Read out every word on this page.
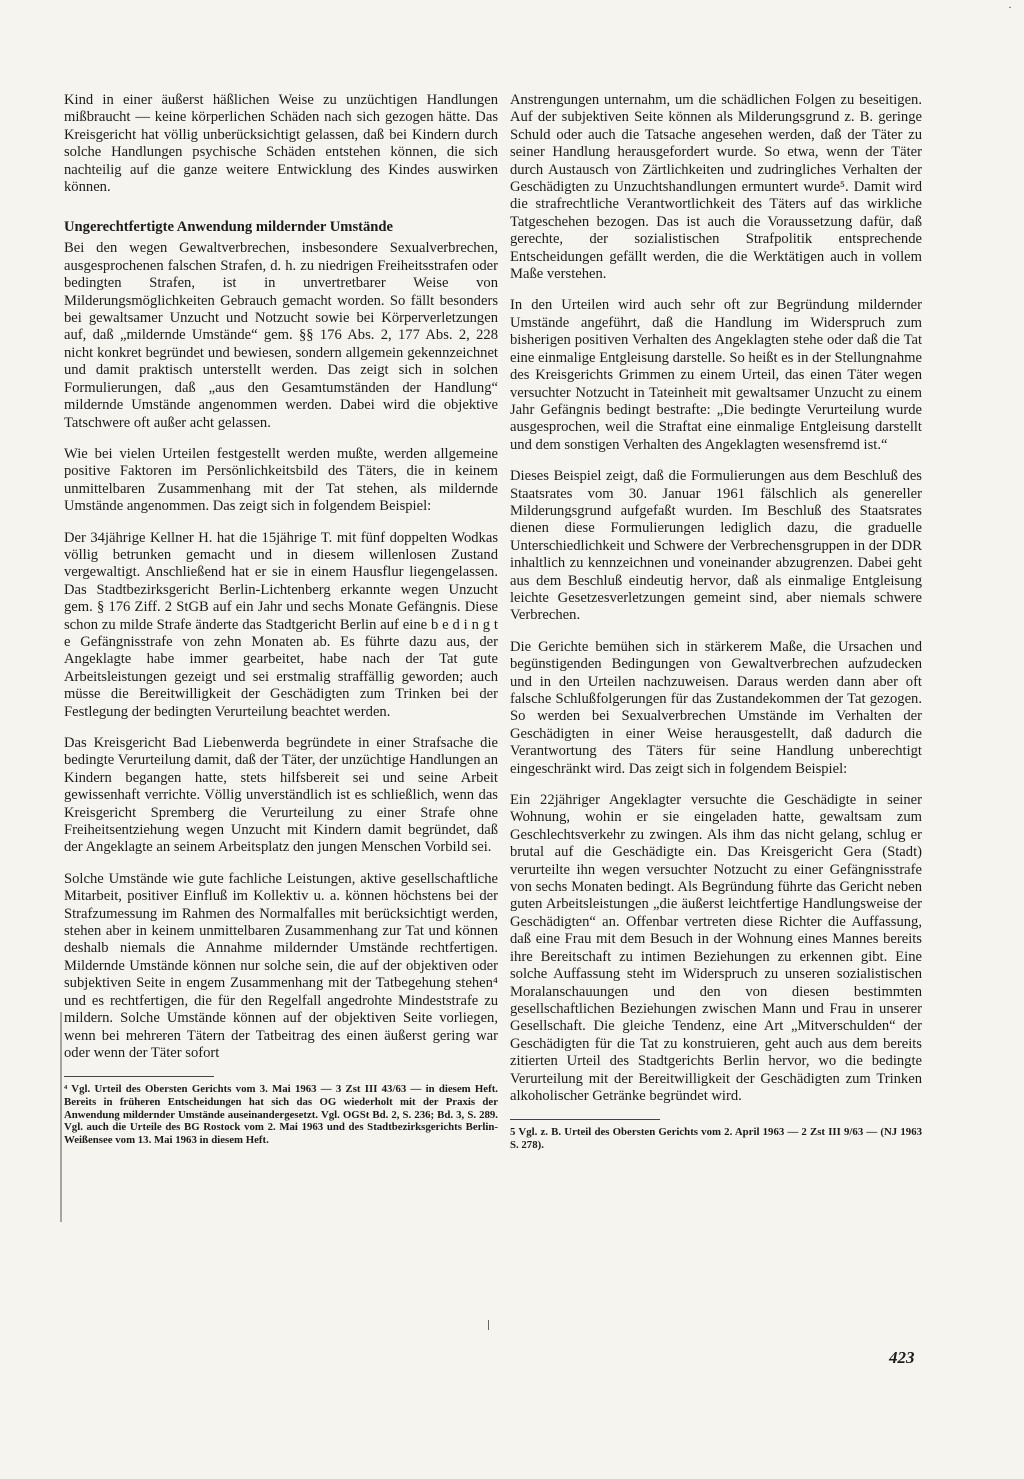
·

Kind in einer äußerst häßlichen Weise zu unzüchtigen Handlungen mißbraucht — keine körperlichen Schäden nach sich gezogen hätte. Das Kreisgericht hat völlig unberücksichtigt gelassen, daß bei Kindern durch solche Handlungen psychische Schäden entstehen können, die sich nachteilig auf die ganze weitere Entwicklung des Kindes auswirken können.

Ungerechtfertigte Anwendung mildernder Umstände

Bei den wegen Gewaltverbrechen, insbesondere Sexualverbrechen, ausgesprochenen falschen Strafen, d. h. zu niedrigen Freiheitsstrafen oder bedingten Strafen, ist in unvertretbarer Weise von Milderungsmöglichkeiten Gebrauch gemacht worden. So fällt besonders bei gewaltsamer Unzucht und Notzucht sowie bei Körperverletzungen auf, daß „mildernde Umstände“ gem. §§ 176 Abs. 2, 177 Abs. 2, 228 nicht konkret begründet und bewiesen, sondern allgemein gekennzeichnet und damit praktisch unterstellt werden. Das zeigt sich in solchen Formulierungen, daß „aus den Gesamtumständen der Handlung“ mildernde Umstände angenommen werden. Dabei wird die objektive Tatschwere oft außer acht gelassen.

Wie bei vielen Urteilen festgestellt werden mußte, werden allgemeine positive Faktoren im Persönlichkeitsbild des Täters, die in keinem unmittelbaren Zusammenhang mit der Tat stehen, als mildernde Umstände angenommen. Das zeigt sich in folgendem Beispiel:

Der 34jährige Kellner H. hat die 15jährige T. mit fünf doppelten Wodkas völlig betrunken gemacht und in diesem willenlosen Zustand vergewaltigt. Anschließend hat er sie in einem Hausflur liegengelassen. Das Stadtbezirksgericht Berlin-Lichtenberg erkannte wegen Unzucht gem. § 176 Ziff. 2 StGB auf ein Jahr und sechs Monate Gefängnis. Diese schon zu milde Strafe änderte das Stadtgericht Berlin auf eine b e d i n g t e Gefängnisstrafe von zehn Monaten ab. Es führte dazu aus, der Angeklagte habe immer gearbeitet, habe nach der Tat gute Arbeitsleistungen gezeigt und sei erstmalig straffällig geworden; auch müsse die Bereitwilligkeit der Geschädigten zum Trinken bei der Festlegung der bedingten Verurteilung beachtet werden.

Das Kreisgericht Bad Liebenwerda begründete in einer Strafsache die bedingte Verurteilung damit, daß der Täter, der unzüchtige Handlungen an Kindern begangen hatte, stets hilfsbereit sei und seine Arbeit gewissenhaft verrichte. Völlig unverständlich ist es schließlich, wenn das Kreisgericht Spremberg die Verurteilung zu einer Strafe ohne Freiheitsentziehung wegen Unzucht mit Kindern damit begründet, daß der Angeklagte an seinem Arbeitsplatz den jungen Menschen Vorbild sei.

Solche Umstände wie gute fachliche Leistungen, aktive gesellschaftliche Mitarbeit, positiver Einfluß im Kollektiv u. a. können höchstens bei der Strafzumessung im Rahmen des Normalfalles mit berücksichtigt werden, stehen aber in keinem unmittelbaren Zusammenhang zur Tat und können deshalb niemals die Annahme mildernder Umstände rechtfertigen. Mildernde Umstände können nur solche sein, die auf der objektiven oder subjektiven Seite in engem Zusammenhang mit der Tatbegehung stehen⁴ und es rechtfertigen, die für den Regelfall angedrohte Mindeststrafe zu mildern. Solche Umstände können auf der objektiven Seite vorliegen, wenn bei mehreren Tätern der Tatbeitrag des einen äußerst gering war oder wenn der Täter sofort

⁴ Vgl. Urteil des Obersten Gerichts vom 3. Mai 1963 — 3 Zst III 43/63 — in diesem Heft. Bereits in früheren Entscheidungen hat sich das OG wiederholt mit der Praxis der Anwendung mildernder Umstände auseinandergesetzt. Vgl. OGSt Bd. 2, S. 236; Bd. 3, S. 289. Vgl. auch die Urteile des BG Rostock vom 2. Mai 1963 und des Stadtbezirksgerichts Berlin-Weißensee vom 13. Mai 1963 in diesem Heft.

Anstrengungen unternahm, um die schädlichen Folgen zu beseitigen. Auf der subjektiven Seite können als Milderungsgrund z. B. geringe Schuld oder auch die Tatsache angesehen werden, daß der Täter zu seiner Handlung herausgefordert wurde. So etwa, wenn der Täter durch Austausch von Zärtlichkeiten und zudringliches Verhalten der Geschädigten zu Unzuchtshandlungen ermuntert wurde⁵. Damit wird die strafrechtliche Verantwortlichkeit des Täters auf das wirkliche Tatgeschehen bezogen. Das ist auch die Voraussetzung dafür, daß gerechte, der sozialistischen Strafpolitik entsprechende Entscheidungen gefällt werden, die die Werktätigen auch in vollem Maße verstehen.

In den Urteilen wird auch sehr oft zur Begründung mildernder Umstände angeführt, daß die Handlung im Widerspruch zum bisherigen positiven Verhalten des Angeklagten stehe oder daß die Tat eine einmalige Entgleisung darstelle. So heißt es in der Stellungnahme des Kreisgerichts Grimmen zu einem Urteil, das einen Täter wegen versuchter Notzucht in Tateinheit mit gewaltsamer Unzucht zu einem Jahr Gefängnis bedingt bestrafte: „Die bedingte Verurteilung wurde ausgesprochen, weil die Straftat eine einmalige Entgleisung darstellt und dem sonstigen Verhalten des Angeklagten wesensfremd ist.“

Dieses Beispiel zeigt, daß die Formulierungen aus dem Beschluß des Staatsrates vom 30. Januar 1961 fälschlich als genereller Milderungsgrund aufgefaßt wurden. Im Beschluß des Staatsrates dienen diese Formulierungen lediglich dazu, die graduelle Unterschiedlichkeit und Schwere der Verbrechensgruppen in der DDR inhaltlich zu kennzeichnen und voneinander abzugrenzen. Dabei geht aus dem Beschluß eindeutig hervor, daß als einmalige Entgleisung leichte Gesetzesverletzungen gemeint sind, aber niemals schwere Verbrechen.

Die Gerichte bemühen sich in stärkerem Maße, die Ursachen und begünstigenden Bedingungen von Gewaltverbrechen aufzudecken und in den Urteilen nachzuweisen. Daraus werden dann aber oft falsche Schlußfolgerungen für das Zustandekommen der Tat gezogen. So werden bei Sexualverbrechen Umstände im Verhalten der Geschädigten in einer Weise herausgestellt, daß dadurch die Verantwortung des Täters für seine Handlung unberechtigt eingeschränkt wird. Das zeigt sich in folgendem Beispiel:

Ein 22jähriger Angeklagter versuchte die Geschädigte in seiner Wohnung, wohin er sie eingeladen hatte, gewaltsam zum Geschlechtsverkehr zu zwingen. Als ihm das nicht gelang, schlug er brutal auf die Geschädigte ein. Das Kreisgericht Gera (Stadt) verurteilte ihn wegen versuchter Notzucht zu einer Gefängnisstrafe von sechs Monaten bedingt. Als Begründung führte das Gericht neben guten Arbeitsleistungen „die äußerst leichtfertige Handlungsweise der Geschädigten“ an. Offenbar vertreten diese Richter die Auffassung, daß eine Frau mit dem Besuch in der Wohnung eines Mannes bereits ihre Bereitschaft zu intimen Beziehungen zu erkennen gibt. Eine solche Auffassung steht im Widerspruch zu unseren sozialistischen Moralanschauungen und den von diesen bestimmten gesellschaftlichen Beziehungen zwischen Mann und Frau in unserer Gesellschaft. Die gleiche Tendenz, eine Art „Mitverschulden“ der Geschädigten für die Tat zu konstruieren, geht auch aus dem bereits zitierten Urteil des Stadtgerichts Berlin hervor, wo die bedingte Verurteilung mit der Bereitwilligkeit der Geschädigten zum Trinken alkoholischer Getränke begründet wird.

5 Vgl. z. B. Urteil des Obersten Gerichts vom 2. April 1963 — 2 Zst III 9/63 — (NJ 1963 S. 278).

423
